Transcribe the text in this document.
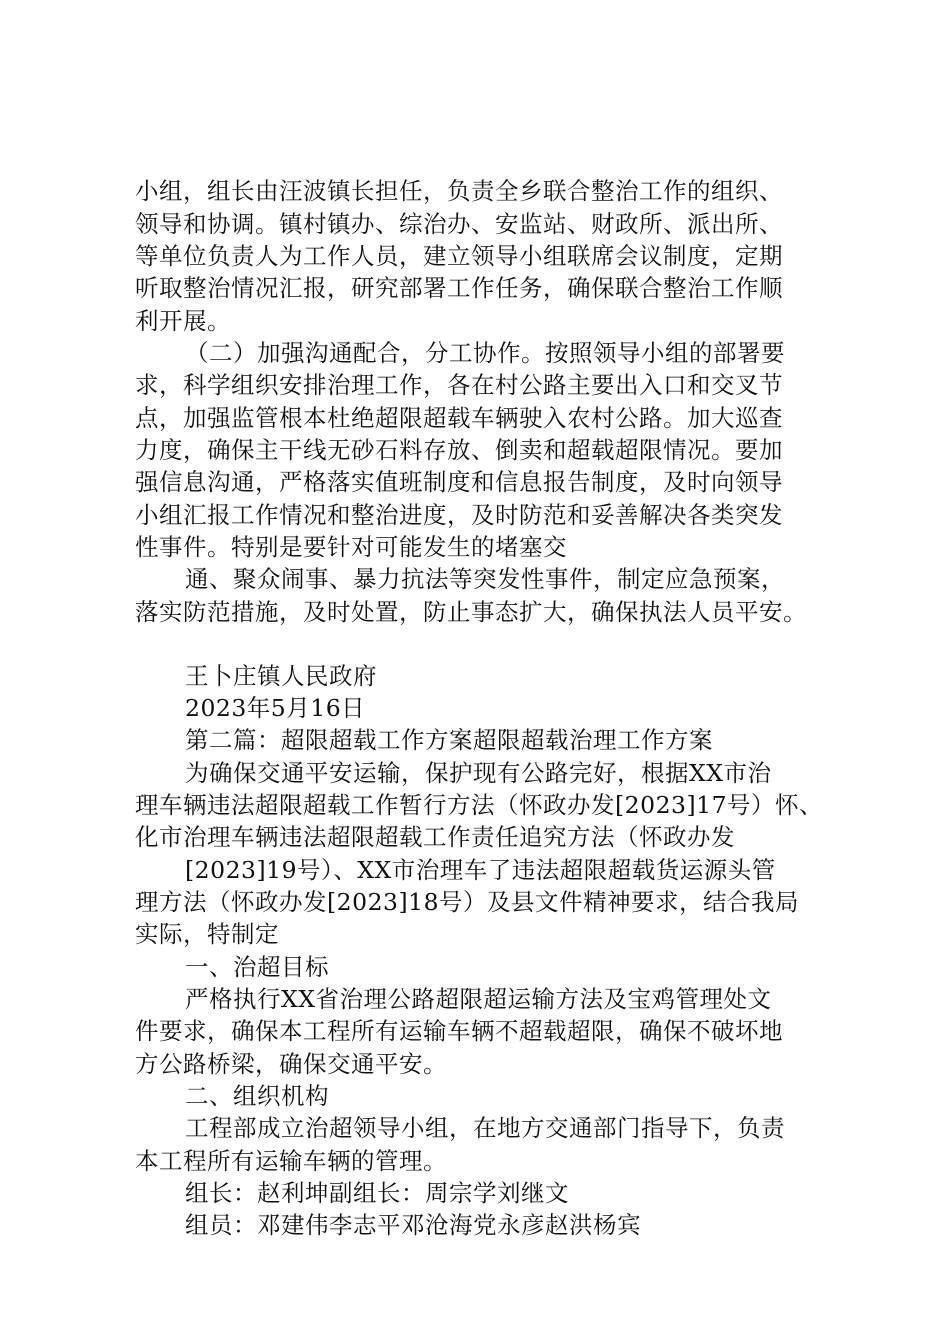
小组，组长由汪波镇长担任，负责全乡联合整治工作的组织、
领导和协调。镇村镇办、综治办、安监站、财政所、派出所、
等单位负责人为工作人员，建立领导小组联席会议制度，定期
听取整治情况汇报，研究部署工作任务，确保联合整治工作顺
利开展。
（二）加强沟通配合，分工协作。按照领导小组的部署要
求，科学组织安排治理工作，各在村公路主要出入口和交叉节
点，加强监管根本杜绝超限超载车辆驶入农村公路。加大巡查
力度，确保主干线无砂石料存放、倒卖和超载超限情况。要加
强信息沟通，严格落实值班制度和信息报告制度，及时向领导
小组汇报工作情况和整治进度，及时防范和妥善解决各类突发
性事件。特别是要针对可能发生的堵塞交
通、聚众闹事、暴力抗法等突发性事件，制定应急预案，
落实防范措施，及时处置，防止事态扩大，确保执法人员平安。
王卜庄镇人民政府
2023年5月16日
第二篇：超限超载工作方案超限超载治理工作方案
为确保交通平安运输，保护现有公路完好，根据XX市治
理车辆违法超限超载工作暂行方法（怀政办发[2023]17号）怀、
化市治理车辆违法超限超载工作责任追究方法（怀政办发
[2023]19号）、XX市治理车了违法超限超载货运源头管
理方法（怀政办发[2023]18号）及县文件精神要求，结合我局
实际，特制定
一、治超目标
严格执行XX省治理公路超限超运输方法及宝鸡管理处文
件要求，确保本工程所有运输车辆不超载超限，确保不破坏地
方公路桥梁，确保交通平安。
二、组织机构
工程部成立治超领导小组，在地方交通部门指导下，负责
本工程所有运输车辆的管理。
组长：赵利坤副组长：周宗学刘继文
组员：邓建伟李志平邓沧海党永彦赵洪杨宾
